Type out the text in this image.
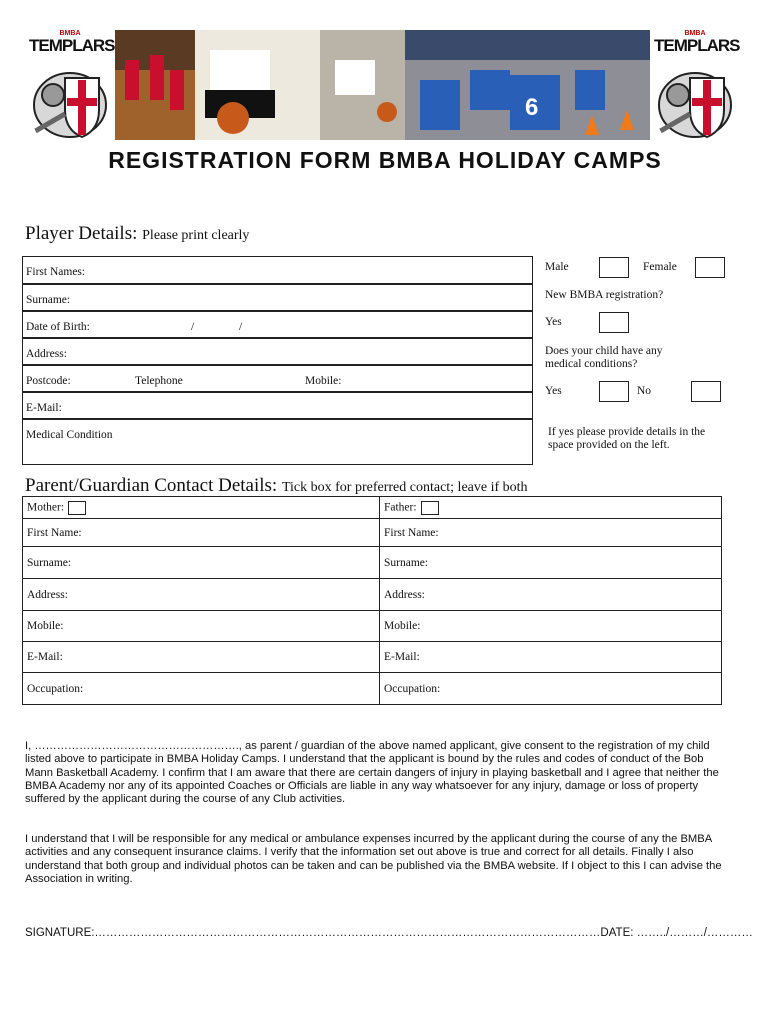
BMBA
TEMPLARS
6
BMBA
TEMPLARS
REGISTRATION FORM BMBA HOLIDAY CAMPS
Player Details: Please print clearly
First Names:
Surname:
Date of Birth:	/	/
Address:
Postcode:	Telephone	Mobile:
E-Mail:
Medical Condition
Male	Female
New BMBA registration?
Yes
Does your child have any medical conditions?
Yes	No
If yes please provide details in the space provided on the left.
Parent/Guardian Contact Details: Tick box for preferred contact; leave if both
Mother:	Father:
First Name:	First Name:
Surname:	Surname:
Address:	Address:
Mobile:	Mobile:
E-Mail:	E-Mail:
Occupation:	Occupation:
I, ………………………………………………., as parent / guardian of the above named applicant, give consent to the registration of my child listed above to participate in BMBA Holiday Camps. I understand that the applicant is bound by the rules and codes of conduct of the Bob Mann Basketball Academy. I confirm that I am aware that there are certain dangers of injury in playing basketball and I agree that neither the BMBA Academy nor any of its appointed Coaches or Officials are liable in any way whatsoever for any injury, damage or loss of property suffered by the applicant during the course of any Club activities.
I understand that I will be responsible for any medical or ambulance expenses incurred by the applicant during the course of any the BMBA activities and any consequent insurance claims. I verify that the information set out above is true and correct for all details. Finally I also understand that both group and individual photos can be taken and can be published via the BMBA website. If I object to this I can advise the Association in writing.
SIGNATURE:……………………………………………………………………………………………………………………DATE: ……../………/…………
